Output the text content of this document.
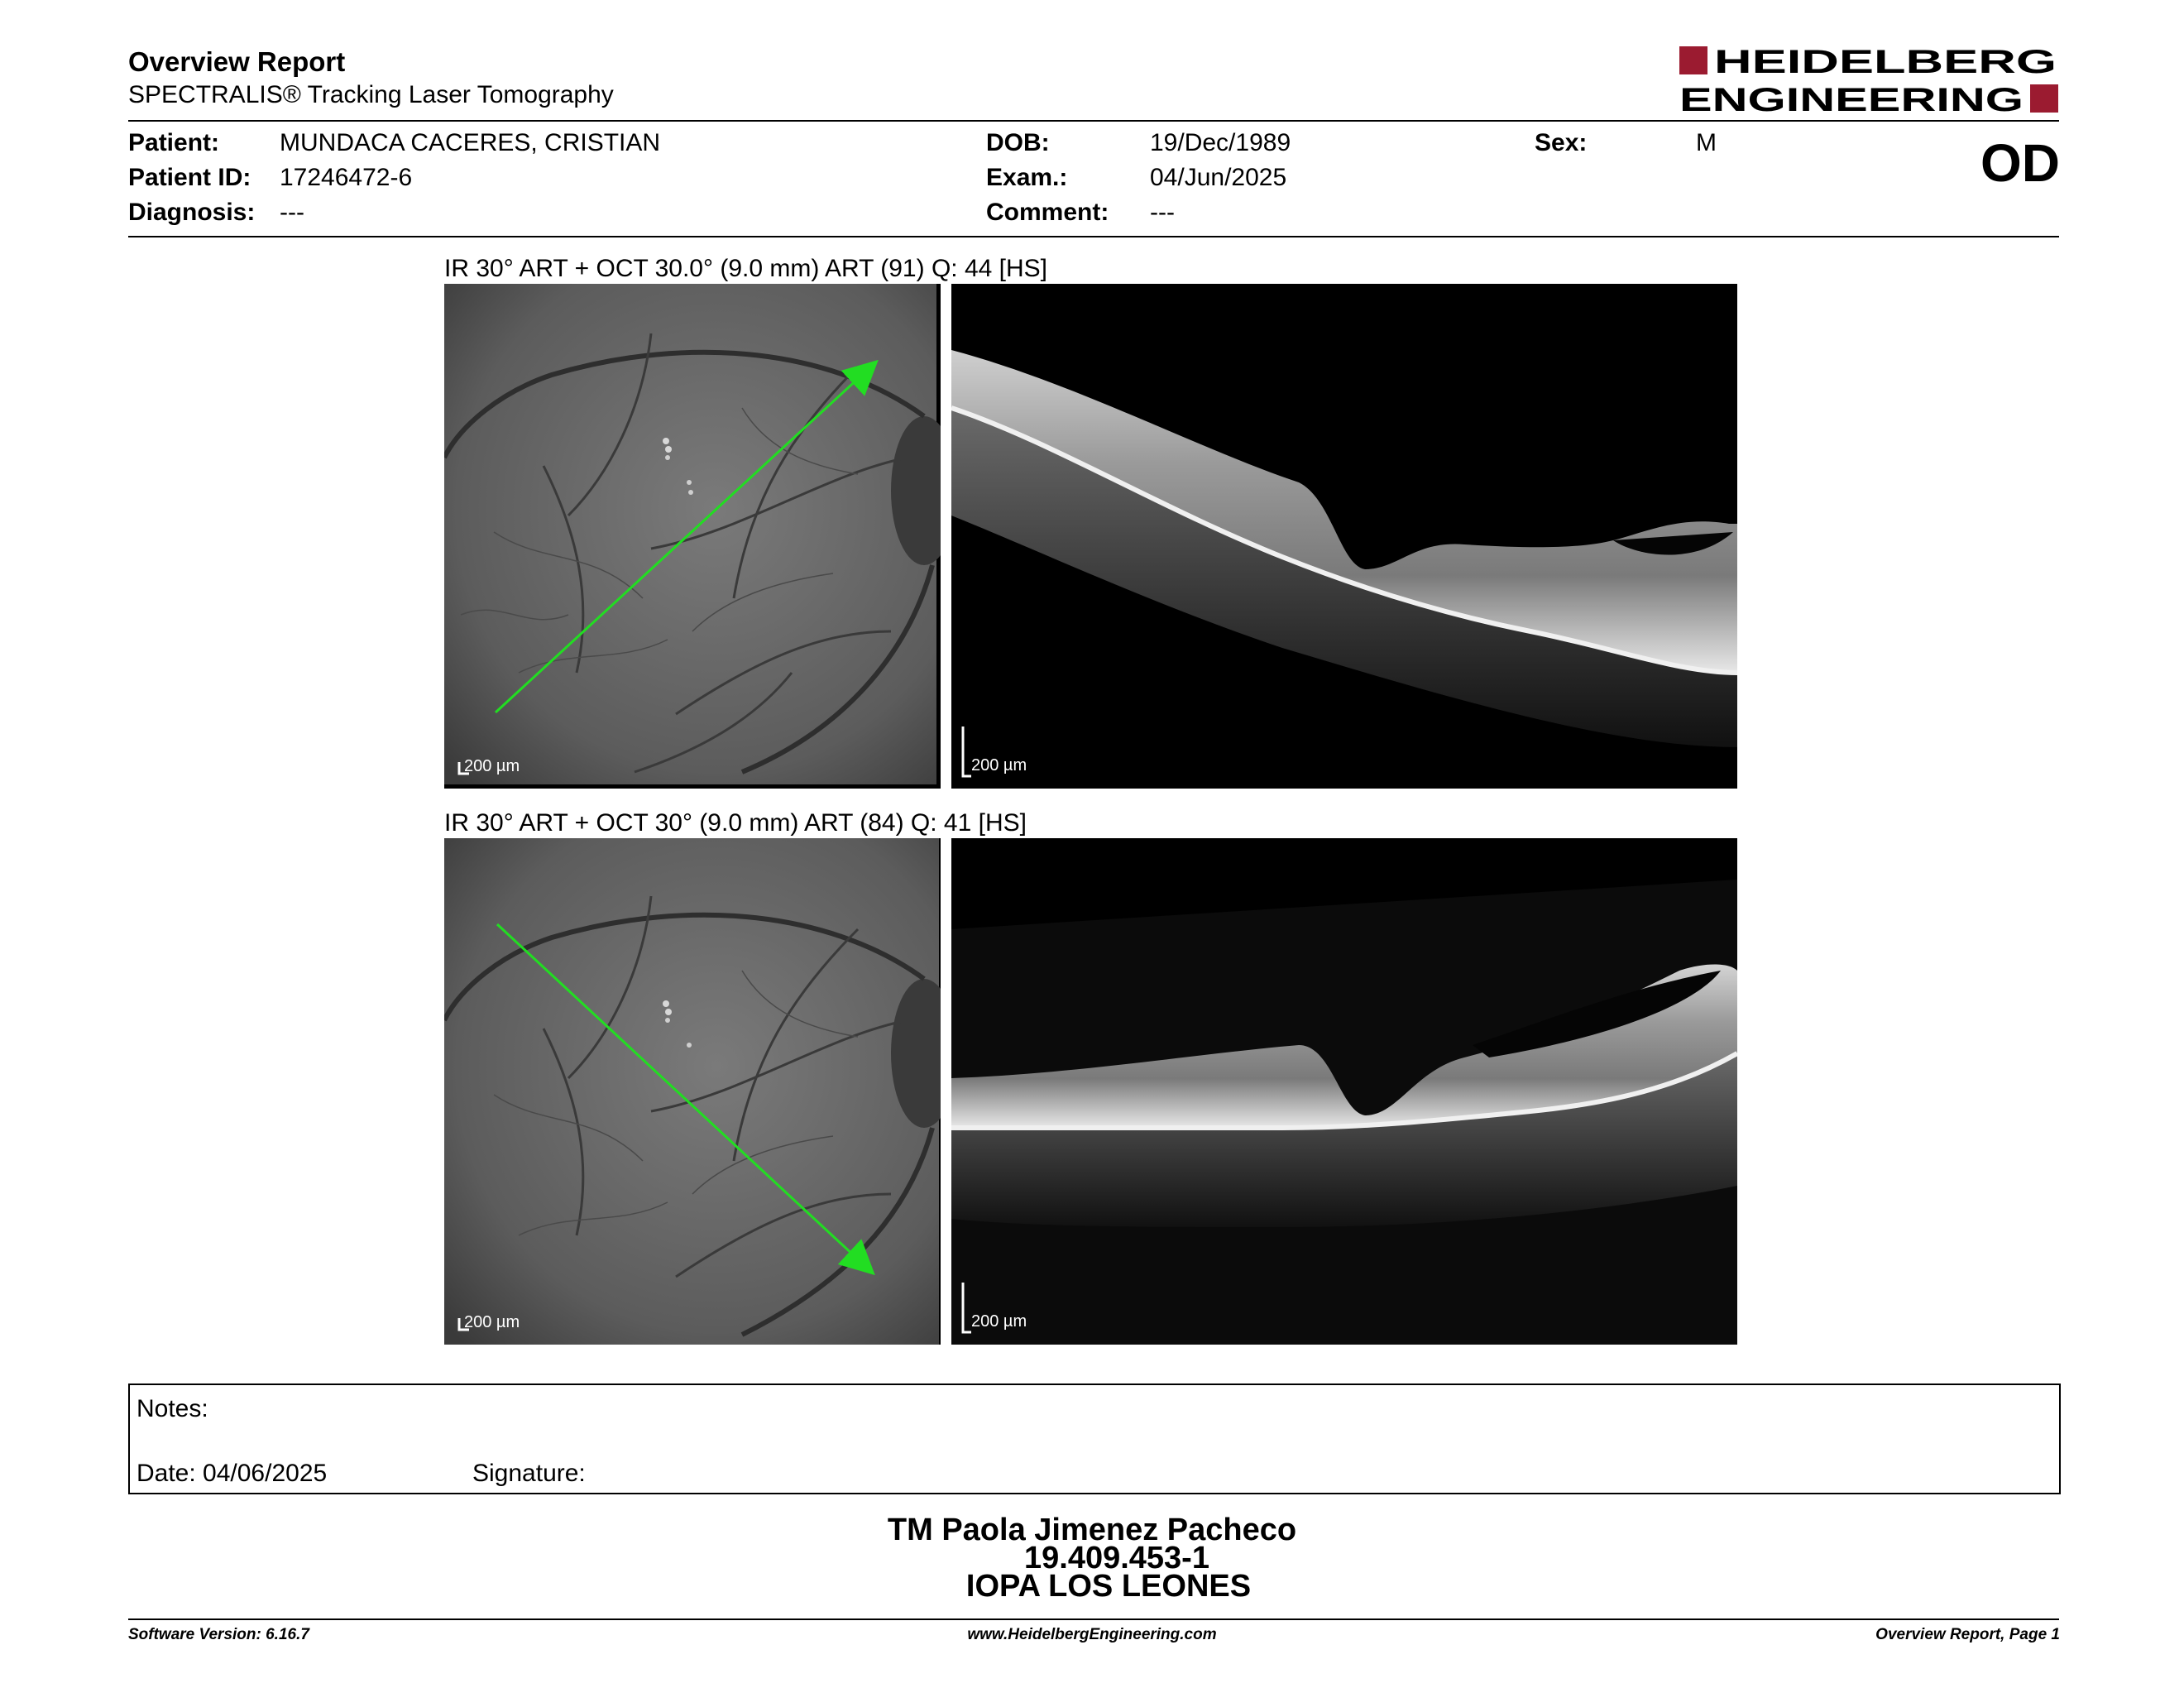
Overview Report
SPECTRALIS® Tracking Laser Tomography
HEIDELBERG
ENGINEERING
Patient: MUNDACA CACERES, CRISTIAN
Patient ID: 17246472-6
Diagnosis: ---
DOB:	19/Dec/1989
Exam.:	04/Jun/2025
Comment: ---
Sex:	M	OD
IR 30° ART + OCT 30.0° (9.0 mm) ART (91) Q: 44 [HS]
200 µm	200 µm
IR 30° ART + OCT 30° (9.0 mm) ART (84) Q: 41 [HS]
200 µm	200 µm
Notes:
Date: 04/06/2025	Signature:
TM Paola Jimenez Pacheco
19.409.453-1
IOPA LOS LEONES
Software Version: 6.16.7	www.HeidelbergEngineering.com	Overview Report, Page 1
